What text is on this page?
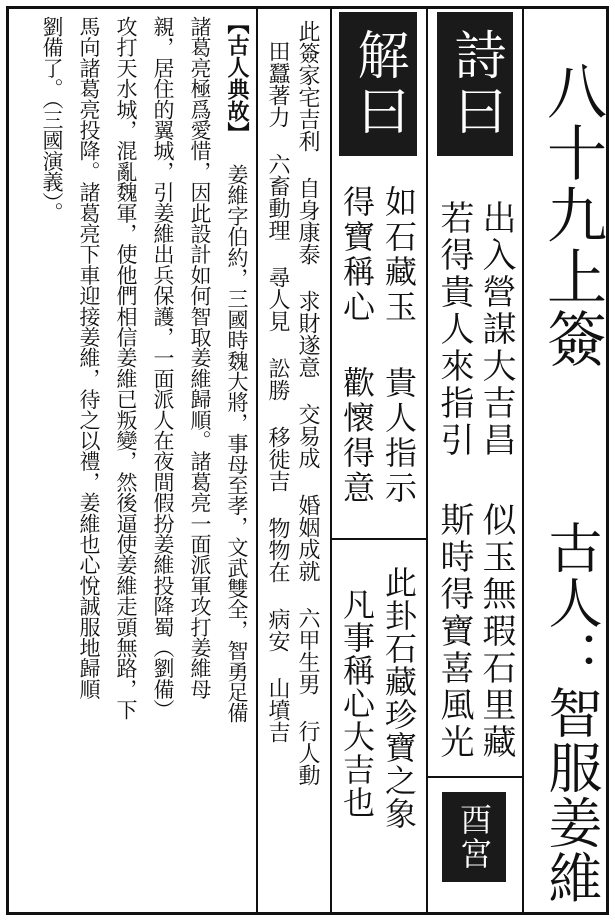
八十九上簽
古人：智服姜維
詩曰
出入營謀大吉昌 似玉無瑕石里藏
若得貴人來指引 斯時得寶喜風光
酉宮
解曰
如石藏玉 貴人指示
得寶稱心 歡懷得意
此卦石藏珍寶之象
凡事稱心大吉也
此簽家宅吉利 自身康泰 求財遂意 交易成 婚姻成就 六甲生男 行人動
田蠶著力 六畜動理 尋人見 訟勝 移徙吉 物物在 病安 山墳吉
【古人典故】
姜維字伯約，三國時魏大將，事母至孝，文武雙全，智勇足備
諸葛亮極爲愛惜，因此設計如何智取姜維歸順。諸葛亮一面派軍攻打姜維母
親，居住的翼城，引姜維出兵保護，一面派人在夜間假扮姜維投降蜀（劉備）
攻打天水城，混亂魏軍，使他們相信姜維已叛變，然後逼使姜維走頭無路，下
馬向諸葛亮投降。諸葛亮下車迎接姜維，待之以禮，姜維也心悅誠服地歸順
劉備了。（三國演義）。
